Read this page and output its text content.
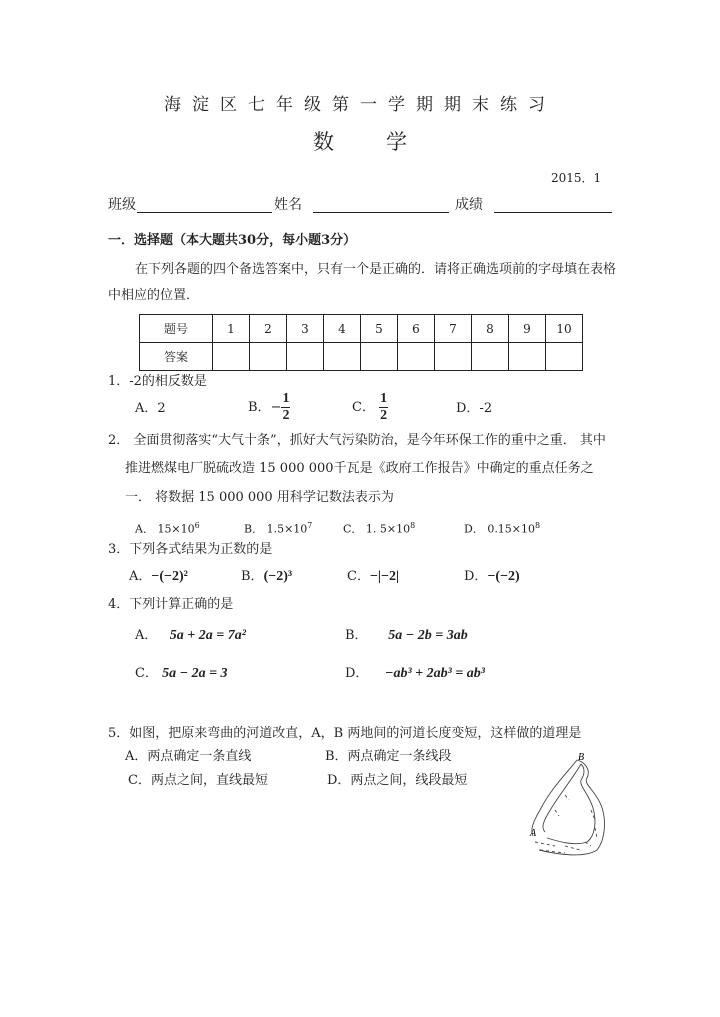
海淀区七年级第一学期期末练习
数 学
2015．1
班级	姓名	成绩
一．选择题（本大题共30分，每小题3分）
在下列各题的四个备选答案中，只有一个是正确的．请将正确选项前的字母填在表格
中相应的位置．
题号	1	2	3	4	5	6	7	8	9	10
答案										
1．-2的相反数是
A．2	B．− $\frac{1}{2}$	C． $\frac{1}{2}$	D．-2
2． 全面贯彻落实“大气十条”，抓好大气污染防治，是今年环保工作的重中之重． 其中
推进燃煤电厂脱硫改造 15 000 000千瓦是《政府工作报告》中确定的重点任务之
一． 将数据 15 000 000 用科学记数法表示为
A． $15\times 10^6$	B． $1.5\times 10^7$	C． 1. $5\times 10^8$	D． $0.15\times 10^8$
3．下列各式结果为正数的是
A．−(−2)²	B．(−2)³	C．−|−2|	D．−(−2)
4．下列计算正确的是
A． 5a + 2a = 7a²	B． 5a − 2b = 3ab
C． 5a − 2a = 3	D． −ab³ + 2ab³ = ab³
5．如图，把原来弯曲的河道改直，A，B 两地间的河道长度变短，这样做的道理是
A．两点确定一条直线	B．两点确定一条线段
C．两点之间，直线最短	D．两点之间，线段最短
B
A
